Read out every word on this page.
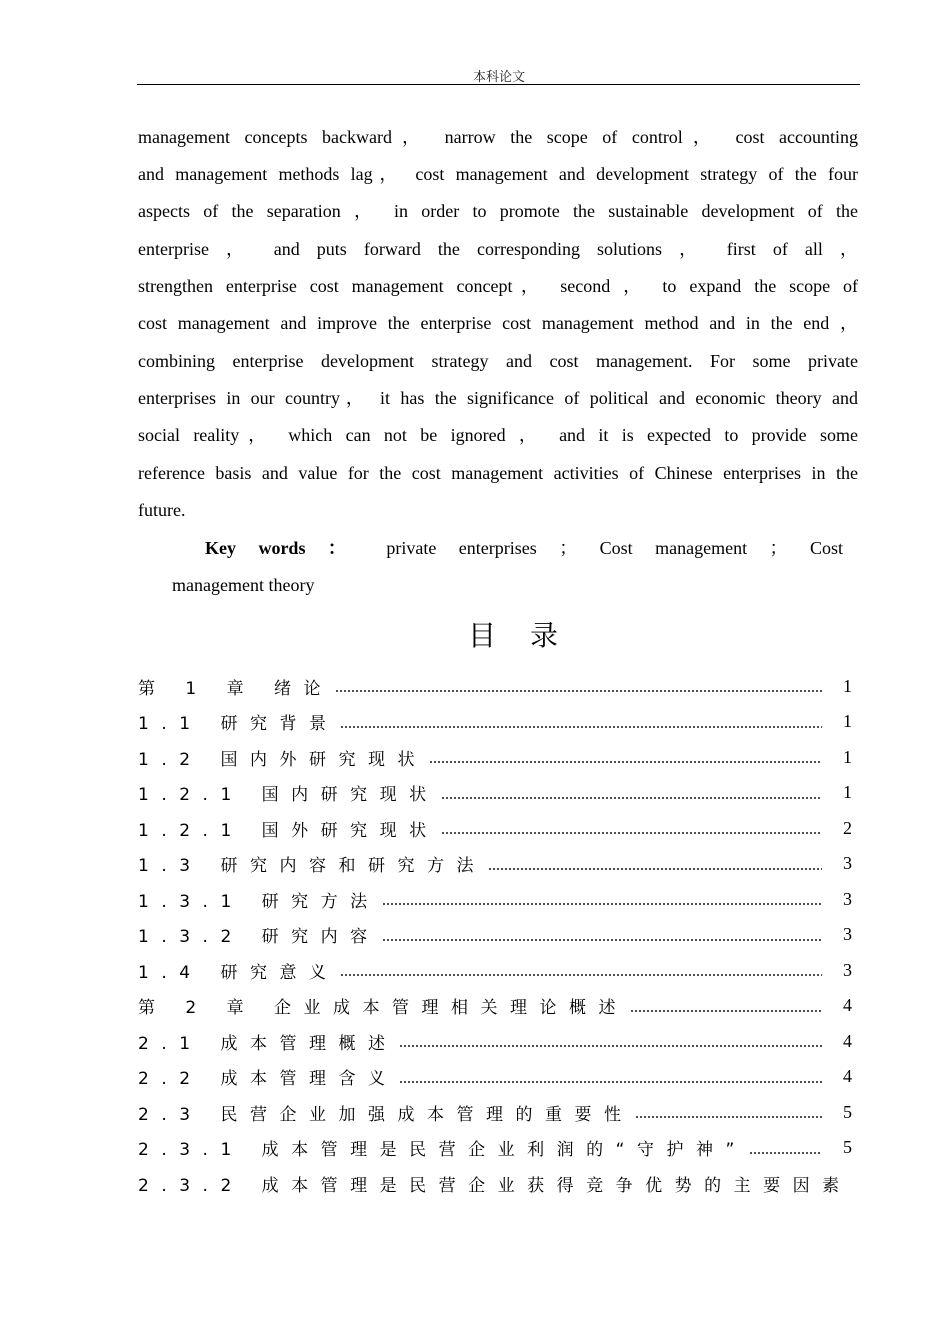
本科论文
management concepts backward， narrow the scope of control， cost accounting
and management methods lag， cost management and development strategy of the four
aspects of the separation ， in order to promote the sustainable development of the
enterprise ， and puts forward the corresponding solutions ， first of all ，
strengthen enterprise cost management concept， second ， to expand the scope of
cost management and improve the enterprise cost management method and in the end ，
combining enterprise development strategy and cost management. For some private
enterprises in our country， it has the significance of political and economic theory and
social reality， which can not be ignored ， and it is expected to provide some
reference basis and value for the cost management activities of Chinese enterprises in the
future.
Key words ： private enterprises ； Cost management ； Cost
management theory
目录
第 1 章 绪论	1
1.1 研究背景	1
1.2 国内外研究现状	1
1.2.1 国内研究现状	1
1.2.1 国外研究现状	2
1.3 研究内容和研究方法	3
1.3.1 研究方法	3
1.3.2 研究内容	3
1.4 研究意义	3
第 2 章 企业成本管理相关理论概述	4
2.1 成本管理概述	4
2.2 成本管理含义	4
2.3 民营企业加强成本管理的重要性	5
2.3.1 成本管理是民营企业利润的“守护神”	5
2.3.2 成本管理是民营企业获得竞争优势的主要因素
